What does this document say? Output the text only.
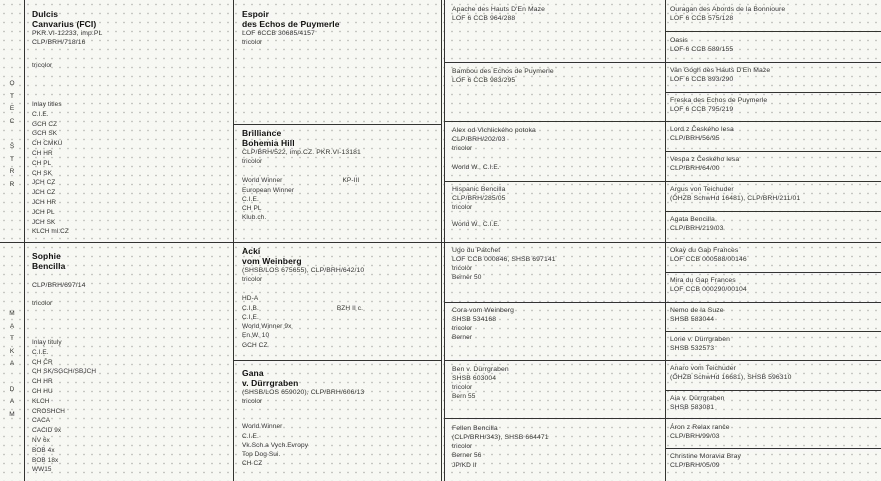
O
T
E
C

Š
T
R
R
M
A
T
K
A

D
A
M
Dulcis
Canvarius (FCI)
PKR.VI-12233, imp.PL
CLP/BRH/718/16
tricolor
Inlay titles
C.I.E.
GCH CZ
GCH SK
CH CMKU
CH HR
CH PL
CH SK
JCH CZ
JCH CZ
JCH HR
JCH PL
JCH SK
KLCH ml.CZ
Sophie
Bencilla
CLP/BRH/697/14
tricolor
Inlay tituly
C.I.E.
CH ČR
CH SK/SGCH/SBJCH
CH HR
CH HU
KLCH
CROSHCH
CACA
CACID 9x
NV 6x
BOB 4x
BOB 18x
WW15
Espoir
des Echos de Puymerle
LOF 6CCB 30685/4157
tricolor
Brilliance
Bohemia Hill
CLP/BRH/522, imp.CZ. PKR.VI-13181
tricolor
World Winner	KP-III
European Winner
C.I.E.
CH PL
Klub.ch.
Acki
vom Weinberg
(SHSB/LOS 675655), CLP/BRH/642/10
tricolor
HD-A
C.I.B.	BZH II c.
C.I.E.
World Winner 9x
En.W. 10
GCH CZ
Gana
v. Dürrgraben
(SHSB/LOS 659020), CLP/BRH/606/13
tricolor
World Winner
C.I.E.
Vk.Sch.a Vych.Evropy
Top Dog Sui.
CH CZ
Apache des Hauts D'En Maze
LOF 6 CCB 964/288
Bambou des Echos de Puymerle
LOF 6 CCB 983/295
Alex od Vlchlického potoka
CLP/BRH/202/03
tricolor
World W., C.I.E.
Hispanic Bencilla
CLP/BRH/285/05
tricolor
World W., C.I.E.
Ugo du Patchet
LOF CCB 000846, SHSB 697141
tricolor
Berner 50
Cora vom Weinberg
SHSB 534168
tricolor
Berner
Ben v. Dürrgraben
SHSB 603004
tricolor
Bern 55
Fellen Bencilla
(CLP/BRH/343), SHSB 664471
tricolor
Berner 56
JP/KD II
Ouragan des Abords de la Bonnioure
LOF 6 CCB 575/128
Oasis
LOF 6 CCB 589/155
Van Gogh des Hauts D'En Maze
LOF 6 CCB 893/290
Freska des Echos de Puymerle
LOF 6 CCB 795/219
Lord z Českého lesa
CLP/BRH/56/95
Vespa z Českého lesa
CLP/BRH/64/00
Argus von Teichuder
(ÖHZB SchwHd 16481), CLP/BRH/211/01
Agata Bencilla
CLP/BRH/219/03
Okay du Gap Frances
LOF CCB 000588/00146
Mira du Gap Frances
LOF CCB 000290/00104
Nemo de la Suze
SHSB 583044
Lorie v. Dürrgraben
SHSB 532573
Anaro vom Teichuder
(ÖHZB SchwHd 16681), SHSB 596310
Aia v. Dürrgraben
SHSB 583081
Áron z Relax ranče
CLP/BRH/99/03
Christine Moravia Bray
CLP/BRH/05/09
